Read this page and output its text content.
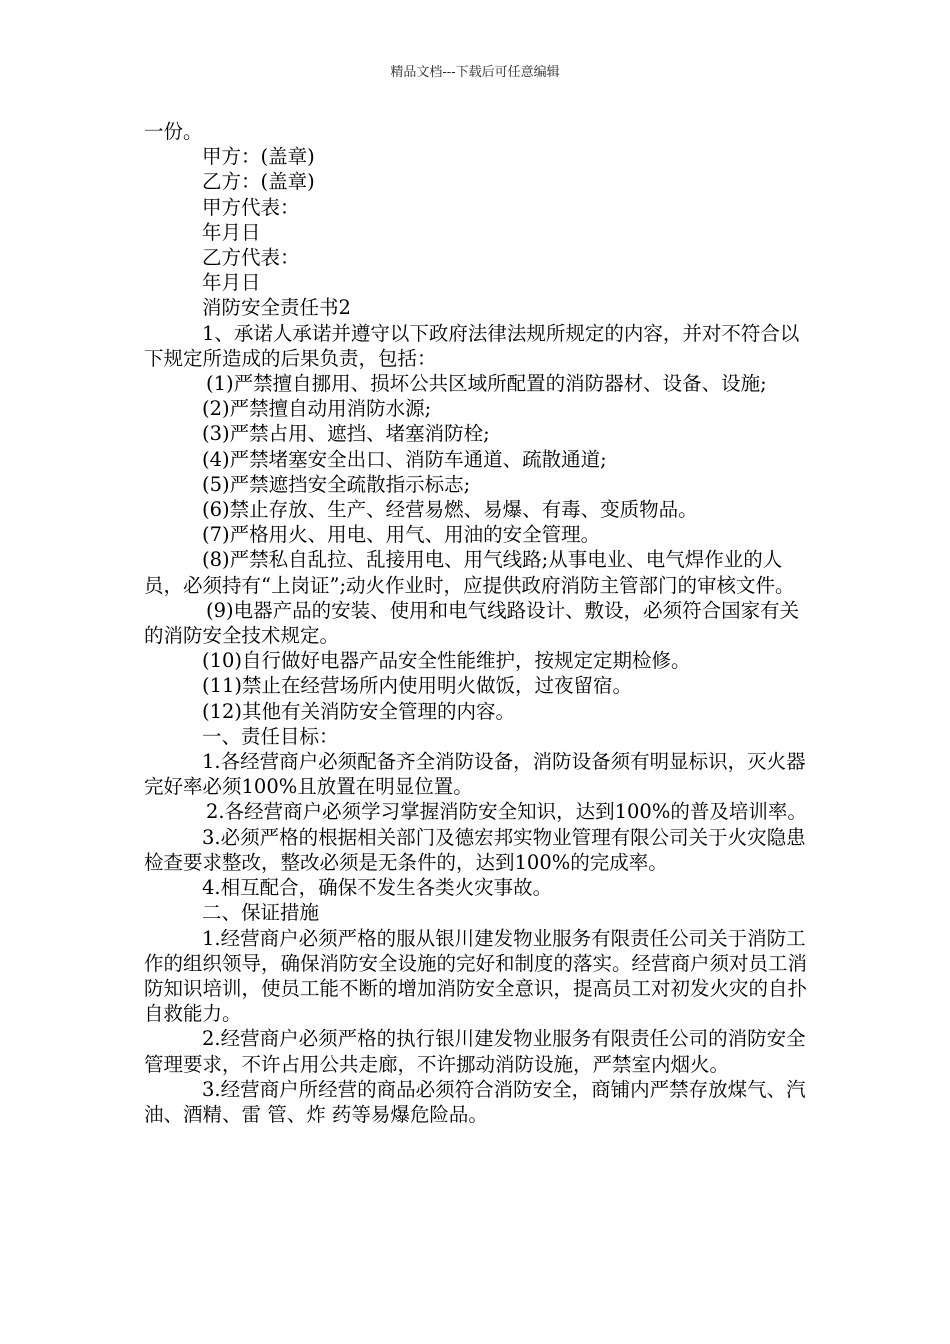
精品文档---下载后可任意编辑

一份。

甲方：(盖章)

乙方：(盖章)

甲方代表：

年月日

乙方代表：

年月日

消防安全责任书2

1、承诺人承诺并遵守以下政府法律法规所规定的内容，并对不符合以下规定所造成的后果负责，包括：

(1)严禁擅自挪用、损坏公共区域所配置的消防器材、设备、设施;

(2)严禁擅自动用消防水源;

(3)严禁占用、遮挡、堵塞消防栓;

(4)严禁堵塞安全出口、消防车通道、疏散通道;

(5)严禁遮挡安全疏散指示标志;

(6)禁止存放、生产、经营易燃、易爆、有毒、变质物品。

(7)严格用火、用电、用气、用油的安全管理。

(8)严禁私自乱拉、乱接用电、用气线路;从事电业、电气焊作业的人员，必须持有“上岗证”;动火作业时，应提供政府消防主管部门的审核文件。

(9)电器产品的安装、使用和电气线路设计、敷设，必须符合国家有关的消防安全技术规定。

(10)自行做好电器产品安全性能维护，按规定定期检修。

(11)禁止在经营场所内使用明火做饭，过夜留宿。

(12)其他有关消防安全管理的内容。

一、责任目标：

1.各经营商户必须配备齐全消防设备，消防设备须有明显标识，灭火器完好率必须100%且放置在明显位置。

2.各经营商户必须学习掌握消防安全知识，达到100%的普及培训率。

3.必须严格的根据相关部门及德宏邦实物业管理有限公司关于火灾隐患检查要求整改，整改必须是无条件的，达到100%的完成率。

4.相互配合，确保不发生各类火灾事故。

二、保证措施

1.经营商户必须严格的服从银川建发物业服务有限责任公司关于消防工作的组织领导，确保消防安全设施的完好和制度的落实。经营商户须对员工消防知识培训，使员工能不断的增加消防安全意识，提高员工对初发火灾的自扑自救能力。

2.经营商户必须严格的执行银川建发物业服务有限责任公司的消防安全管理要求，不许占用公共走廊，不许挪动消防设施，严禁室内烟火。

3.经营商户所经营的商品必须符合消防安全，商铺内严禁存放煤气、汽油、酒精、雷 管、炸 药等易爆危险品。
